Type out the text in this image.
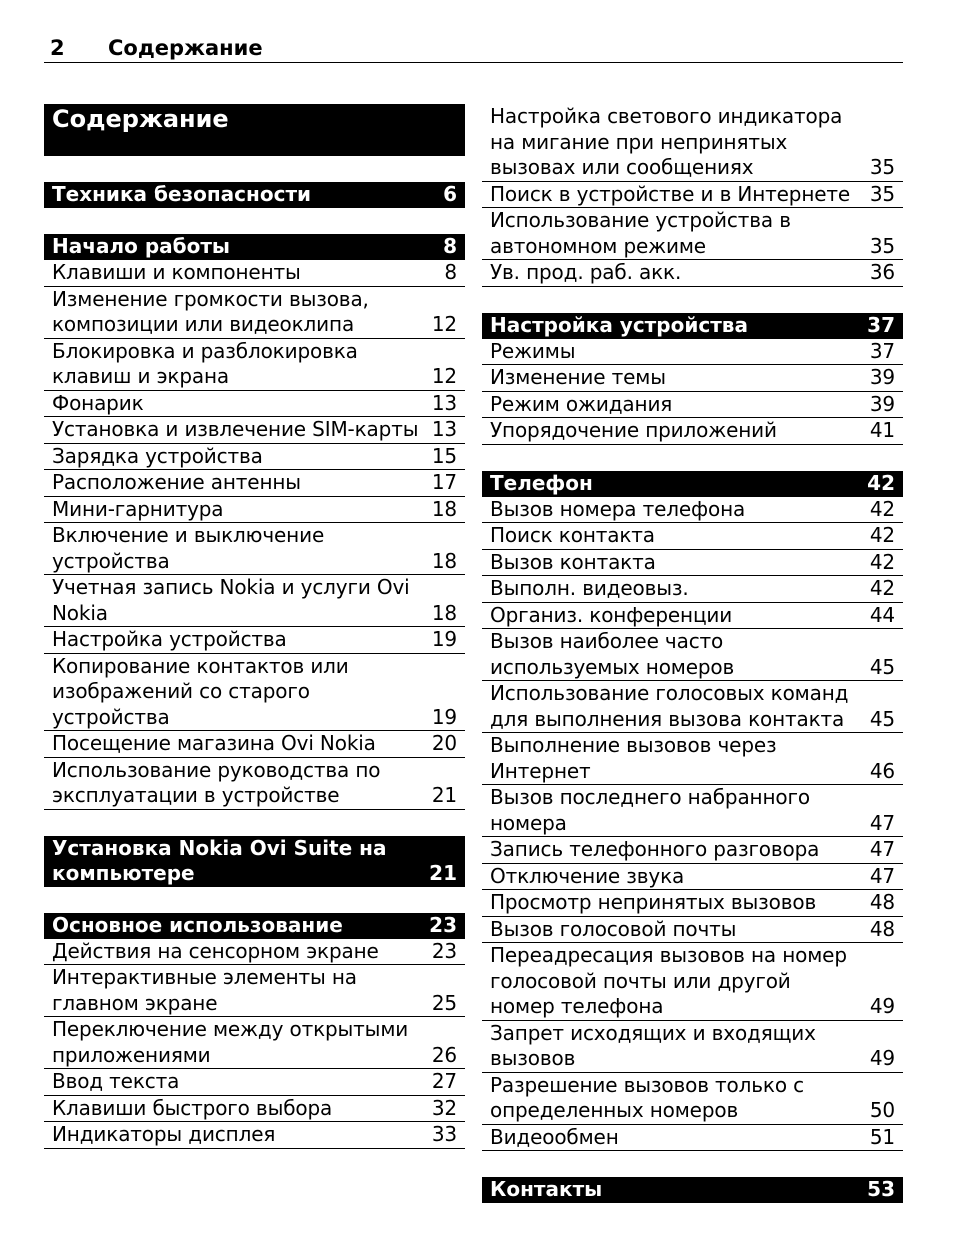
2 Содержание
Содержание
Техника безопасности	6
Начало работы	8
Клавиши и компоненты	8
Изменение громкости вызова, композиции или видеоклипа	12
Блокировка и разблокировка клавиш и экрана	12
Фонарик	13
Установка и извлечение SIM-карты 13
Зарядка устройства	15
Расположение антенны	17
Мини-гарнитура	18
Включение и выключение устройства	18
Учетная запись Nokia и услуги Ovi Nokia	18
Настройка устройства	19
Копирование контактов или изображений со старого устройства	19
Посещение магазина Ovi Nokia	20
Использование руководства по эксплуатации в устройстве	21
Установка Nokia Ovi Suite на компьютере	21
Основное использование	23
Действия на сенсорном экране	23
Интерактивные элементы на главном экране	25
Переключение между открытыми приложениями	26
Ввод текста	27
Клавиши быстрого выбора	32
Индикаторы дисплея	33
Настройка светового индикатора на мигание при непринятых вызовах или сообщениях	35
Поиск в устройстве и в Интернете 35
Использование устройства в автономном режиме	35
Ув. прод. раб. акк.	36
Настройка устройства	37
Режимы	37
Изменение темы	39
Режим ожидания	39
Упорядочение приложений	41
Телефон	42
Вызов номера телефона	42
Поиск контакта	42
Вызов контакта	42
Выполн. видеовыз.	42
Организ. конференции	44
Вызов наиболее часто используемых номеров	45
Использование голосовых команд для выполнения вызова контакта	45
Выполнение вызовов через Интернет	46
Вызов последнего набранного номера	47
Запись телефонного разговора	47
Отключение звука	47
Просмотр непринятых вызовов	48
Вызов голосовой почты	48
Переадресация вызовов на номер голосовой почты или другой номер телефона	49
Запрет исходящих и входящих вызовов	49
Разрешение вызовов только с определенных номеров	50
Видеообмен	51
Контакты	53
